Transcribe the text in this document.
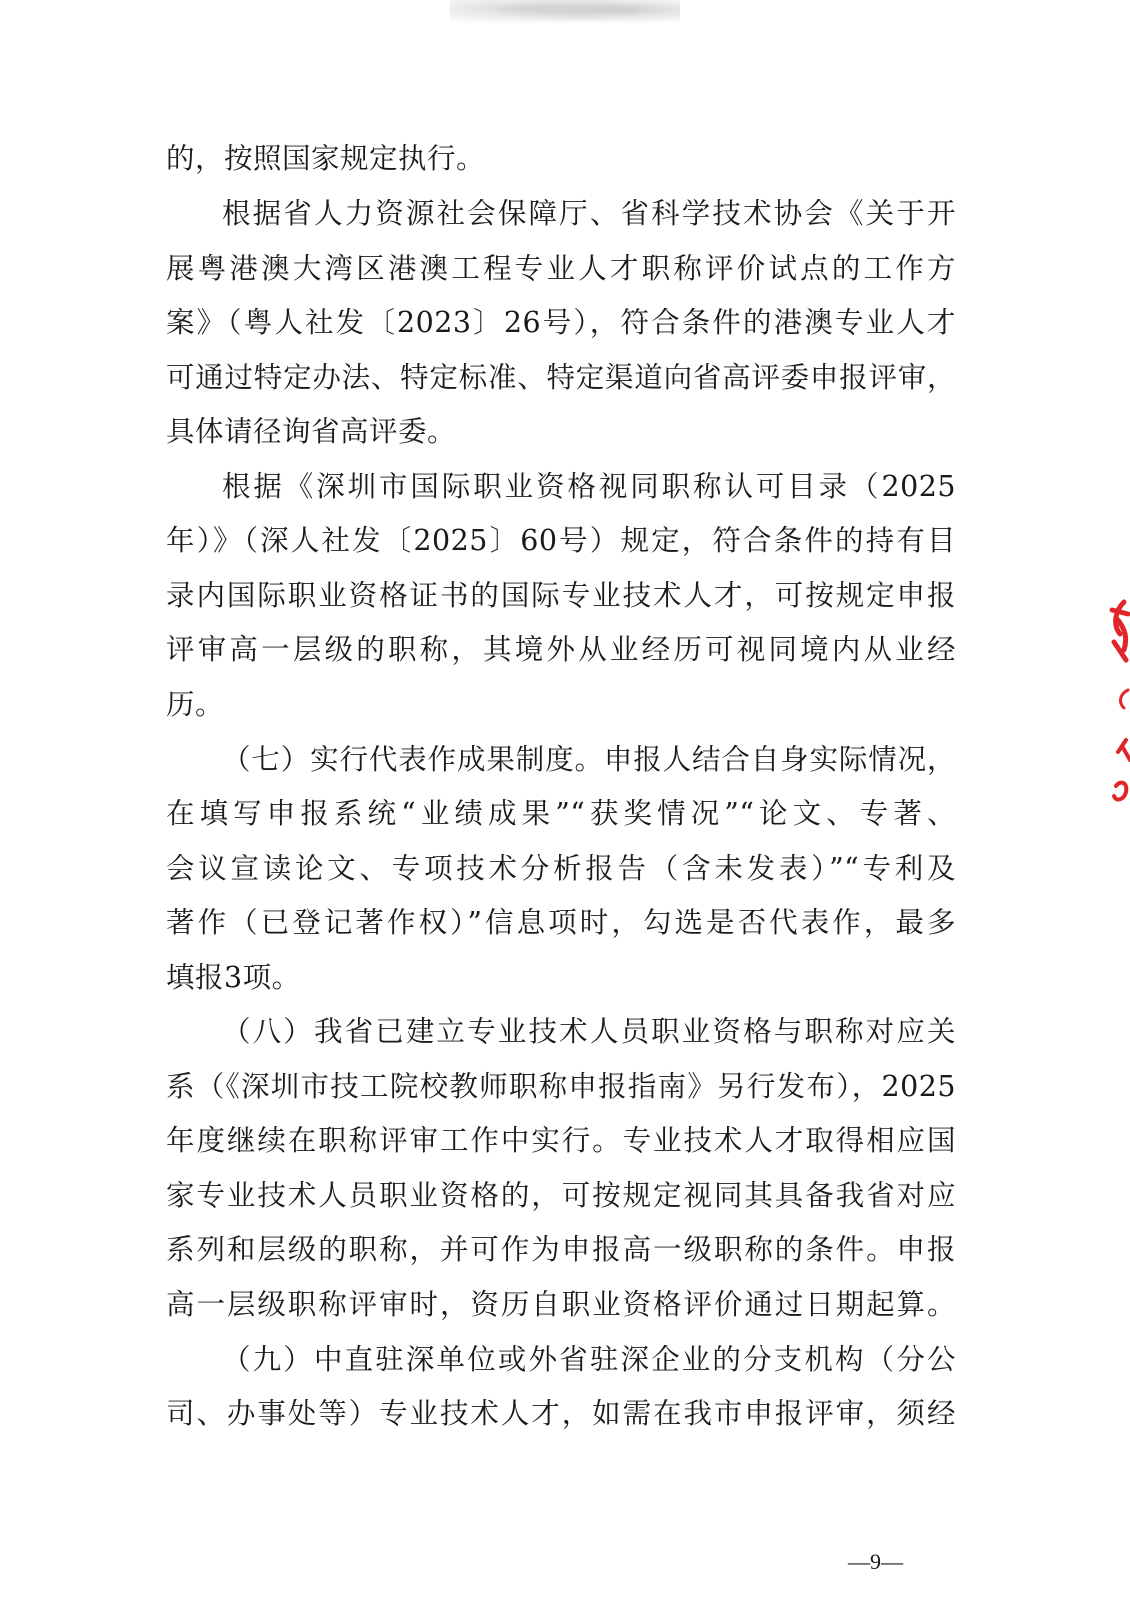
的，按照国家规定执行。
根据省人力资源社会保障厅、省科学技术协会《关于开
展粤港澳大湾区港澳工程专业人才职称评价试点的工作方
案》（粤人社发〔2023〕26号），符合条件的港澳专业人才
可通过特定办法、特定标准、特定渠道向省高评委申报评审，
具体请径询省高评委。
根据《深圳市国际职业资格视同职称认可目录（2025
年）》（深人社发〔2025〕60号）规定，符合条件的持有目
录内国际职业资格证书的国际专业技术人才，可按规定申报
评审高一层级的职称，其境外从业经历可视同境内从业经
历。
（七）实行代表作成果制度。申报人结合自身实际情况，
在填写申报系统“业绩成果”“获奖情况”“论文、专著、
会议宣读论文、专项技术分析报告（含未发表）”“专利及
著作（已登记著作权）”信息项时，勾选是否代表作，最多
填报3项。
（八）我省已建立专业技术人员职业资格与职称对应关
系（《深圳市技工院校教师职称申报指南》另行发布），2025
年度继续在职称评审工作中实行。专业技术人才取得相应国
家专业技术人员职业资格的，可按规定视同其具备我省对应
系列和层级的职称，并可作为申报高一级职称的条件。申报
高一层级职称评审时，资历自职业资格评价通过日期起算。
（九）中直驻深单位或外省驻深企业的分支机构（分公
司、办事处等）专业技术人才，如需在我市申报评审，须经
—9—
